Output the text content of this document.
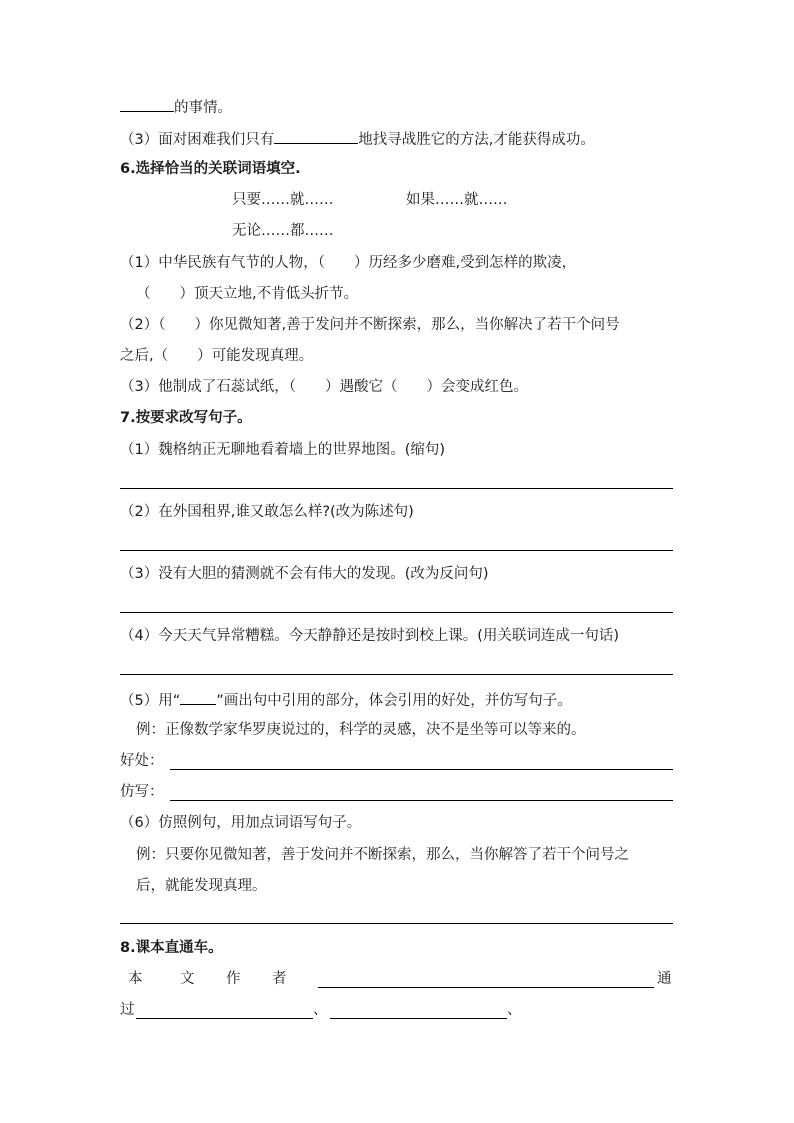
的事情。
（3）面对困难我们只有	地找寻战胜它的方法,才能获得成功。
6.选择恰当的关联词语填空.
只要……就……	如果……就……
无论……都……
（1）中华民族有气节的人物，（　　）历经多少磨难,受到怎样的欺凌，
（　　）顶天立地,不肯低头折节。
（2）（　　）你见微知著,善于发问并不断探索，那么，当你解决了若干个问号
之后,（　　）可能发现真理。
（3）他制成了石蕊试纸，（　　）遇酸它（　　）会变成红色。
7.按要求改写句子。
（1）魏格纳正无聊地看着墙上的世界地图。(缩句)
（2）在外国租界,谁又敢怎么样?(改为陈述句)
（3）没有大胆的猜测就不会有伟大的发现。(改为反问句)
（4）今天天气异常糟糕。今天静静还是按时到校上课。(用关联词连成一句话)
（5）用“ ”画出句中引用的部分，体会引用的好处，并仿写句子。
例：正像数学家华罗庚说过的，科学的灵感，决不是坐等可以等来的。
好处：
仿写：
（6）仿照例句，用加点词语写句子。
例：只要你见微知著，善于发问并不断探索，那么，当你解答了若干个问号之
后，就能发现真理。
8.课本直通车。
本	文 作 者	通
过	、	、
